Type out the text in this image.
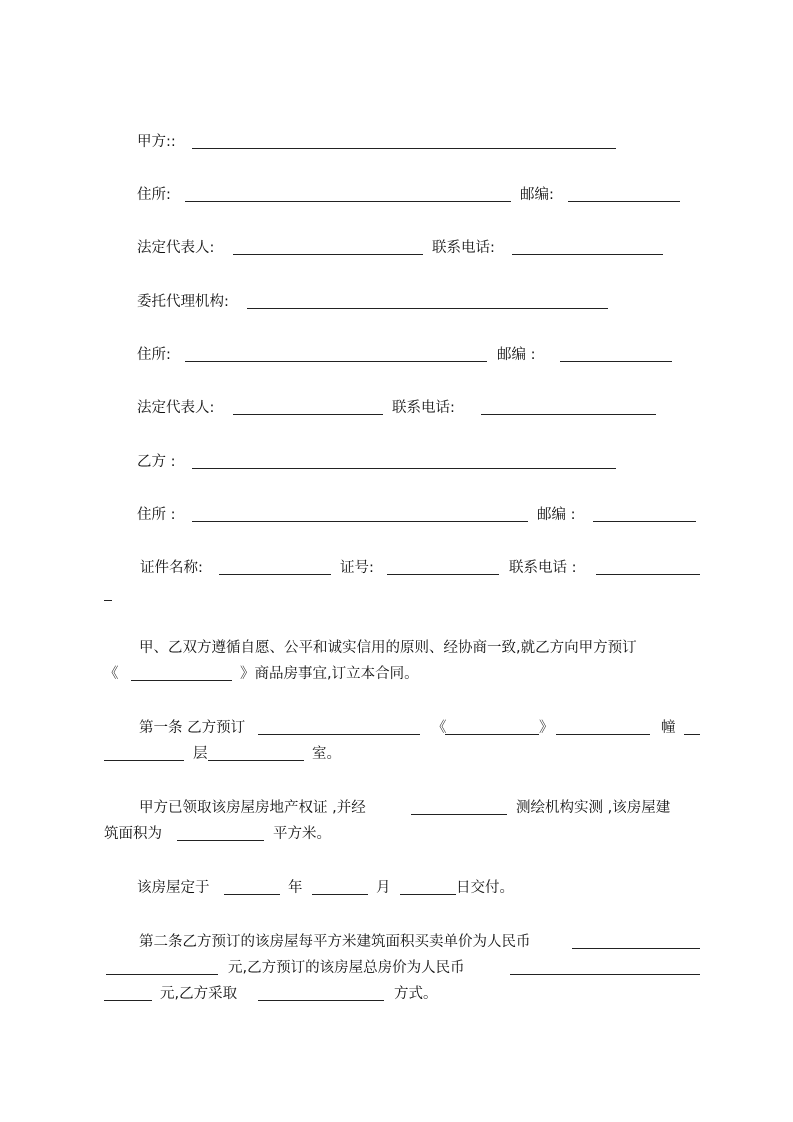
甲方::
住所:	邮编:
法定代表人:	联系电话:
委托代理机构:
住所:	邮编 :
法定代表人:	联系电话:
乙方 :
住所 :	邮编 :
证件名称:	证号:	联系电话 :
甲、乙双方遵循自愿、公平和诚实信用的原则、经协商一致,就乙方向甲方预订
《	》商品房事宜,订立本合同。
第一条 乙方预订	《	》	幢
层	室。
甲方已领取该房屋房地产权证 ,并经	测绘机构实测 ,该房屋建
筑面积为	平方米。
该房屋定于	年	月	日交付。
第二条乙方预订的该房屋每平方米建筑面积买卖单价为人民币
元,乙方预订的该房屋总房价为人民币
元,乙方采取	方式。
